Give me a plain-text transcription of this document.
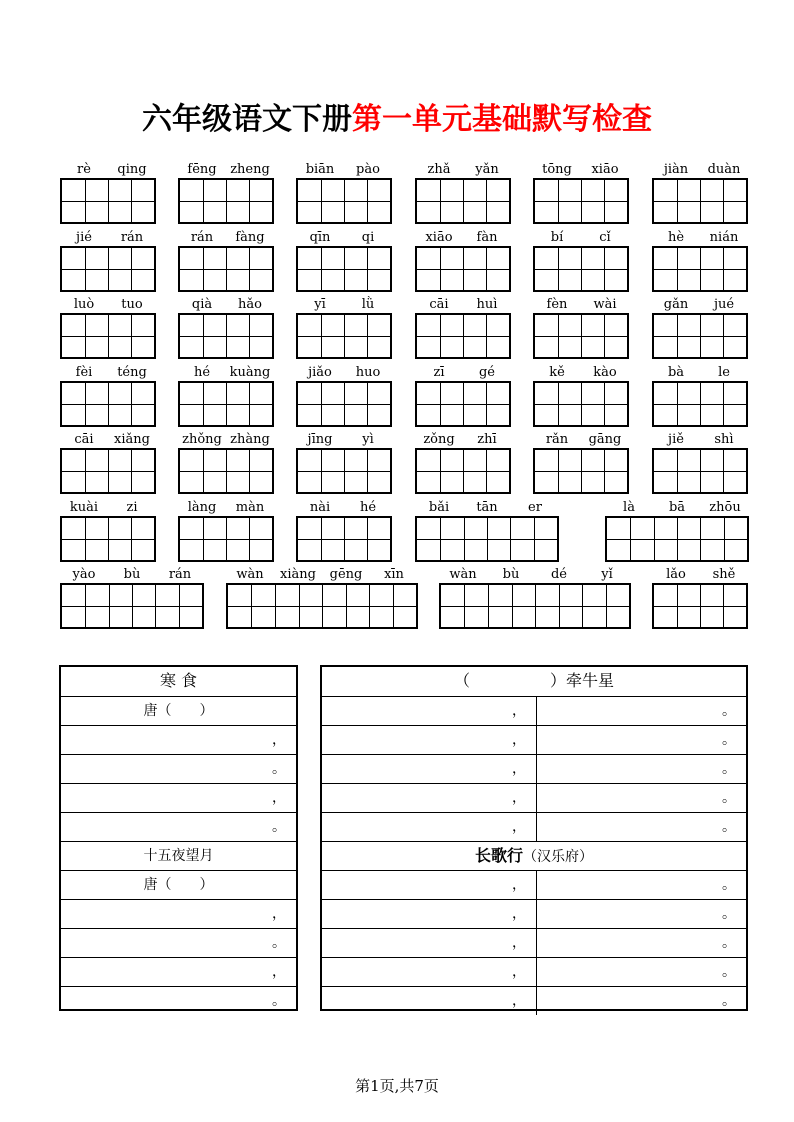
六年级语文下册第一单元基础默写检查
rè	qing	fēng	zheng	biān	pào	zhǎ	yǎn	tōng	xiāo	jiàn	duàn
jié	rán	rán	fàng	qīn	qi	xiāo	fàn	bí	cǐ	hè	nián
luò	tuo	qià	hǎo	yī	lǜ	cāi	huì	fèn	wài	gǎn	jué
fèi	téng	hé	kuàng	jiǎo	huo	zī	gé	kě	kào	bà	le
cāi	xiǎng	zhǒng zhàng	jīng	yì	zǒng	zhī	rǎn	gāng	jiě	shì
kuài	zi	làng	màn	nài	hé	bǎi	tān	er	là	bā	zhōu
yào	bù	rán	wàn	xiàng	gēng	xīn	wàn	bù	dé	yǐ	lǎo	shě
寒 食
唐（　　）
，
。
，
。
十五夜望月
唐（　　）
，
。
，
。
（　　　　　）牵牛星
，	。
，	。
，	。
，	。
，	。
长歌行（汉乐府）
，	。
，	。
，	。
，	。
，	。
第1页,共7页
